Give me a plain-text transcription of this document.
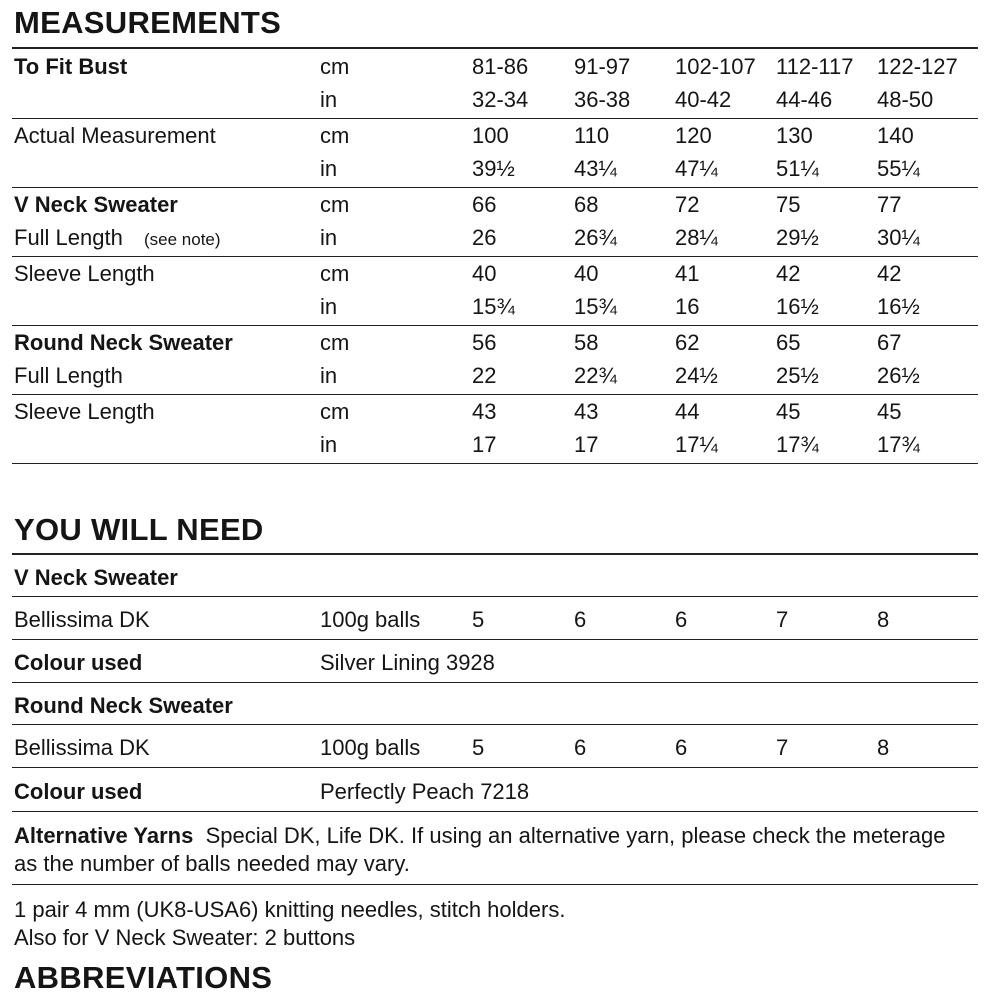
MEASUREMENTS
To Fit Bust	cm	81-86 91-97 102-107 112-117 122-127
in	32-34 36-38 40-42 44-46 48-50
Actual Measurement	cm	100	110	120	130	140
in	39½	43¼	47¼	51¼	55¼
V Neck Sweater	cm	66	68	72	75	77
Full Length (see note)	in	26	26¾	28¼	29½	30¼
Sleeve Length	cm	40	40	41	42	42
in	15¾	15¾	16	16½	16½
Round Neck Sweater	cm	56	58	62	65	67
Full Length	in	22	22¾	24½	25½	26½
Sleeve Length	cm	43	43	44	45	45
in	17	17	17¼	17¾	17¾
YOU WILL NEED
V Neck Sweater
Bellissima DK	100g balls 5	6	6	7	8
Colour used	Silver Lining 3928
Round Neck Sweater
Bellissima DK	100g balls 5	6	6	7	8
Colour used	Perfectly Peach 7218
Alternative Yarns Special DK, Life DK. If using an alternative yarn, please check the meterage as the number of balls needed may vary.
1 pair 4 mm (UK8-USA6) knitting needles, stitch holders.
Also for V Neck Sweater: 2 buttons
ABBREVIATIONS
